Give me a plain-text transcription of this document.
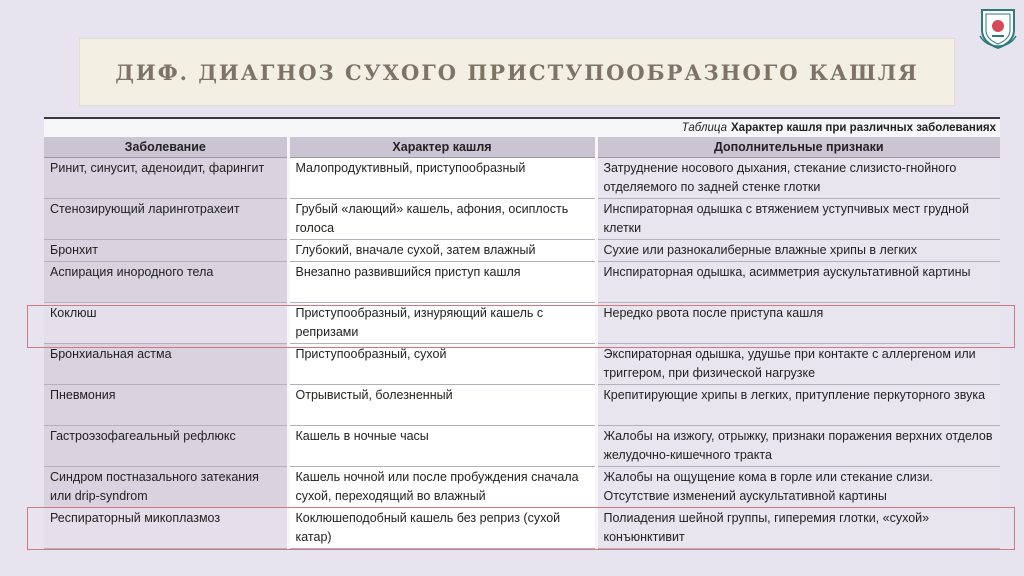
ДИФ. ДИАГНОЗ СУХОГО ПРИСТУПООБРАЗНОГО КАШЛЯ
Таблица Характер кашля при различных заболеваниях
Заболевание	Характер кашля	Дополнительные признаки
Ринит, синусит, аденоидит, фарингит	Малопродуктивный, приступообразный	Затруднение носового дыхания, стекание слизисто-гнойного отделяемого по задней стенке глотки
Стенозирующий ларинготрахеит	Грубый «лающий» кашель, афония, осиплость голоса	Инспираторная одышка с втяжением уступчивых мест грудной клетки
Бронхит	Глубокий, вначале сухой, затем влажный	Сухие или разнокалиберные влажные хрипы в легких
Аспирация инородного тела	Внезапно развившийся приступ кашля	Инспираторная одышка, асимметрия аускультативной картины
Коклюш	Приступообразный, изнуряющий кашель с репризами	Нередко рвота после приступа кашля
Бронхиальная астма	Приступообразный, сухой	Экспираторная одышка, удушье при контакте с аллергеном или триггером, при физической нагрузке
Пневмония	Отрывистый, болезненный	Крепитирующие хрипы в легких, притупление перкуторного звука
Гастроэзофагеальный рефлюкс	Кашель в ночные часы	Жалобы на изжогу, отрыжку, признаки поражения верхних отделов желудочно-кишечного тракта
Синдром постназального затекания или drip-syndrom	Кашель ночной или после пробуждения сначала сухой, переходящий во влажный	Жалобы на ощущение кома в горле или стекание слизи. Отсутствие изменений аускультативной картины
Респираторный микоплазмоз	Коклюшеподобный кашель без реприз (сухой катар)	Полиадения шейной группы, гиперемия глотки, «сухой» конъюнктивит
